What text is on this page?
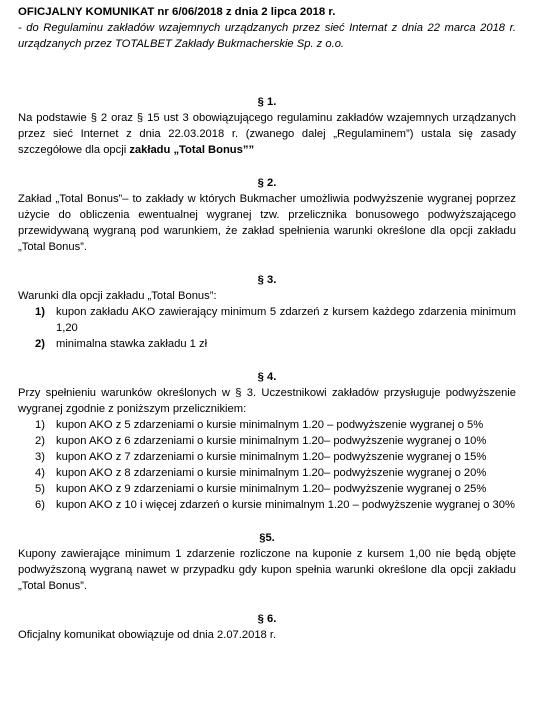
OFICJALNY KOMUNIKAT nr 6/06/2018 z dnia 2 lipca 2018 r.
- do Regulaminu zakładów wzajemnych urządzanych przez sieć Internat z dnia 22 marca 2018 r. urządzanych przez TOTALBET Zakłady Bukmacherskie Sp. z o.o.
§ 1.
Na podstawie § 2 oraz § 15 ust 3 obowiązującego regulaminu zakładów wzajemnych urządzanych przez sieć Internet z dnia 22.03.2018 r. (zwanego dalej „Regulaminem”) ustala się zasady szczegółowe dla opcji zakładu „Total Bonus””
§ 2.
Zakład „Total Bonus”– to zakłady w których Bukmacher umożliwia podwyższenie wygranej poprzez użycie do obliczenia ewentualnej wygranej tzw. przelicznika bonusowego podwyższającego przewidywaną wygraną pod warunkiem, że zakład spełnienia warunki określone dla opcji zakładu „Total Bonus”.
§ 3.
Warunki dla opcji zakładu „Total Bonus”:
1) kupon zakładu AKO zawierający minimum 5 zdarzeń z kursem każdego zdarzenia minimum 1,20
2) minimalna stawka zakładu 1 zł
§ 4.
Przy spełnieniu warunków określonych w § 3. Uczestnikowi zakładów przysługuje podwyższenie wygranej zgodnie z poniższym przelicznikiem:
1) kupon AKO z 5 zdarzeniami o kursie minimalnym 1.20 – podwyższenie wygranej o 5%
2) kupon AKO z 6 zdarzeniami o kursie minimalnym 1.20– podwyższenie wygranej o 10%
3) kupon AKO z 7 zdarzeniami o kursie minimalnym 1.20– podwyższenie wygranej o 15%
4) kupon AKO z 8 zdarzeniami o kursie minimalnym 1.20– podwyższenie wygranej o 20%
5) kupon AKO z 9 zdarzeniami o kursie minimalnym 1.20– podwyższenie wygranej o 25%
6) kupon AKO z 10 i więcej zdarzeń o kursie minimalnym 1.20 – podwyższenie wygranej o 30%
§5.
Kupony zawierające minimum 1 zdarzenie rozliczone na kuponie z kursem 1,00 nie będą objęte podwyższoną wygraną nawet w przypadku gdy kupon spełnia warunki określone dla opcji zakładu „Total Bonus”.
§ 6.
Oficjalny komunikat obowiązuje od dnia 2.07.2018 r.
